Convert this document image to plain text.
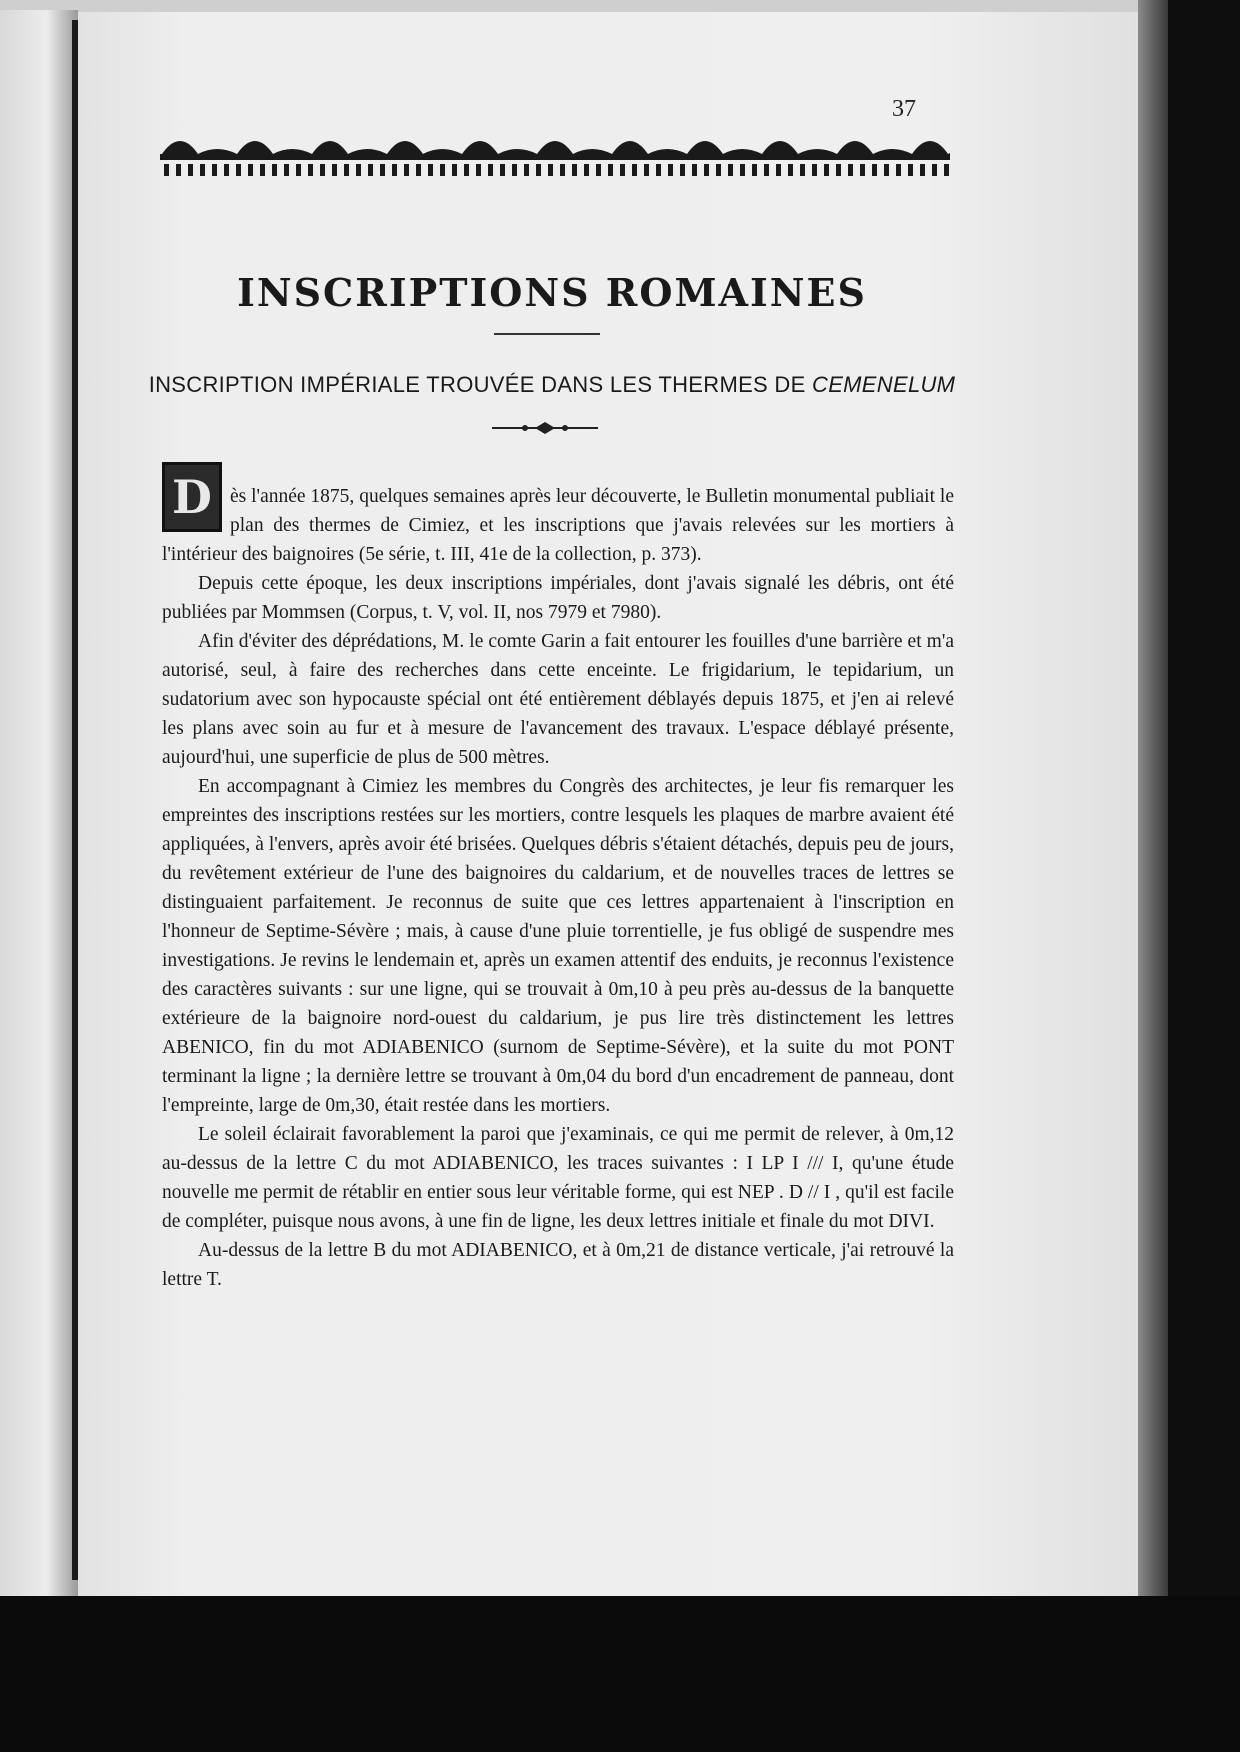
37
INSCRIPTIONS ROMAINES
INSCRIPTION IMPÉRIALE TROUVÉE DANS LES THERMES DE CEMENELUM
D ès l'année 1875, quelques semaines après leur découverte, le Bulletin monumental publiait le plan des thermes de Cimiez, et les inscriptions que j'avais relevées sur les mortiers à l'intérieur des baignoires (5e série, t. III, 41e de la collection, p. 373).

Depuis cette époque, les deux inscriptions impériales, dont j'avais signalé les débris, ont été publiées par Mommsen (Corpus, t. V, vol. II, nos 7979 et 7980).

Afin d'éviter des déprédations, M. le comte Garin a fait entourer les fouilles d'une barrière et m'a autorisé, seul, à faire des recherches dans cette enceinte. Le frigidarium, le tepidarium, un sudatorium avec son hypocauste spécial ont été entièrement déblayés depuis 1875, et j'en ai relevé les plans avec soin au fur et à mesure de l'avancement des travaux. L'espace déblayé présente, aujourd'hui, une superficie de plus de 500 mètres.

En accompagnant à Cimiez les membres du Congrès des architectes, je leur fis remarquer les empreintes des inscriptions restées sur les mortiers, contre lesquels les plaques de marbre avaient été appliquées, à l'envers, après avoir été brisées. Quelques débris s'étaient détachés, depuis peu de jours, du revêtement extérieur de l'une des baignoires du caldarium, et de nouvelles traces de lettres se distinguaient parfaitement. Je reconnus de suite que ces lettres appartenaient à l'inscription en l'honneur de Septime-Sévère ; mais, à cause d'une pluie torrentielle, je fus obligé de suspendre mes investigations. Je revins le lendemain et, après un examen attentif des enduits, je reconnus l'existence des caractères suivants : sur une ligne, qui se trouvait à 0m,10 à peu près au-dessus de la banquette extérieure de la baignoire nord-ouest du caldarium, je pus lire très distinctement les lettres ABENICO, fin du mot ADIABENICO (surnom de Septime-Sévère), et la suite du mot PONT terminant la ligne ; la dernière lettre se trouvant à 0m,04 du bord d'un encadrement de panneau, dont l'empreinte, large de 0m,30, était restée dans les mortiers.

Le soleil éclairait favorablement la paroi que j'examinais, ce qui me permit de relever, à 0m,12 au-dessus de la lettre C du mot ADIABENICO, les traces suivantes : I LP I /// I, qu'une étude nouvelle me permit de rétablir en entier sous leur véritable forme, qui est NEP . D // I , qu'il est facile de compléter, puisque nous avons, à une fin de ligne, les deux lettres initiale et finale du mot DIVI.

Au-dessus de la lettre B du mot ADIABENICO, et à 0m,21 de distance verticale, j'ai retrouvé la lettre T.
